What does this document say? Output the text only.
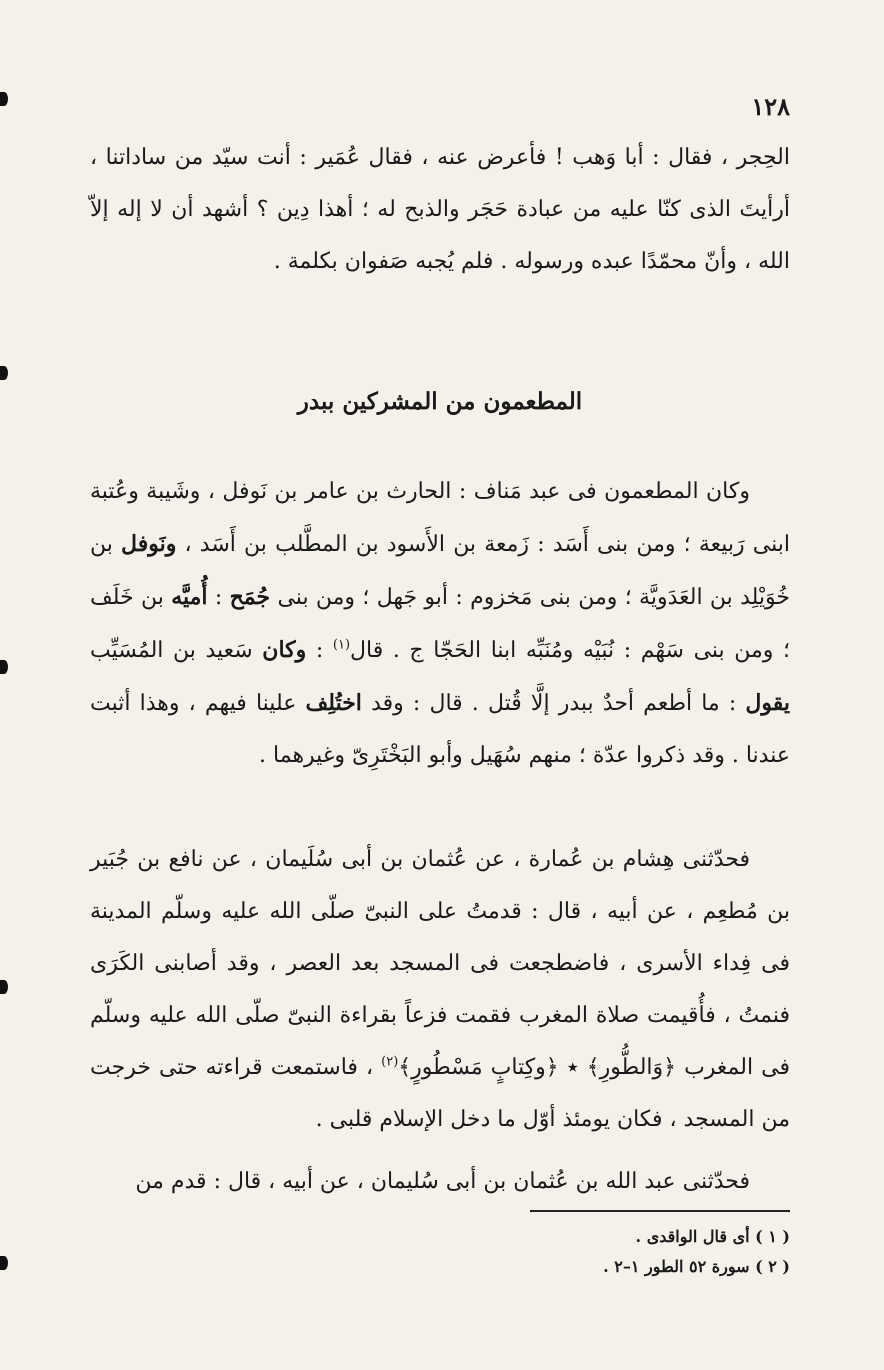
١٢٨

الحِجر ، فقال : أبا وَهب ! فأعرض عنه ، فقال عُمَير : أنت سيّد من ساداتنا ، أرأيتَ الذى كنّا عليه من عبادة حَجَر والذبح له ؛ أهذا دِين ؟ أشهد أن لا إله إلاّ الله ، وأنّ محمّدًا عبده ورسوله . فلم يُجبه صَفوان بكلمة .

المطعمون من المشركين ببدر

وكان المطعمون فى عبد مَناف : الحارث بن عامر بن نَوفل ، وشَيبة وعُتبة ابنى رَبيعة ؛ ومن بنى أَسَد : زَمعة بن الأَسود بن المطَّلب بن أَسَد ، ونَوفل بن خُوَيْلِد بن العَدَويَّة ؛ ومن بنى مَخزوم : أبو جَهل ؛ ومن بنى جُمَح : أُميَّه بن خَلَف ؛ ومن بنى سَهْم : نُبَيْه ومُنَبِّه ابنا الحَجّا ج . قال$^{(١)}$ : وكان سَعيد بن المُسَيِّب يقول : ما أطعم أحدٌ ببدر إلَّا قُتل . قال : وقد اختُلِف علينا فيهم ، وهذا أثبت عندنا . وقد ذكروا عدّة ؛ منهم سُهَيل وأبو البَخْتَرِىّ وغيرهما .

فحدّثنى هِشام بن عُمارة ، عن عُثمان بن أبى سُلَيمان ، عن نافع بن جُبَير بن مُطعِم ، عن أبيه ، قال : قدمتُ على النبىّ صلّى الله عليه وسلّم المدينة فى فِداء الأسرى ، فاضطجعت فى المسجد بعد العصر ، وقد أصابنى الكَرَى فنمتُ ، فأُقيمت صلاة المغرب فقمت فزعاً بقراءة النبىّ صلّى الله عليه وسلّم فى المغرب ﴿وَالطُّورِ﴾ ٭ ﴿وكِتابٍ مَسْطُورٍ﴾$^{(٢)}$ ، فاستمعت قراءته حتى خرجت من المسجد ، فكان يومئذ أوّل ما دخل الإسلام قلبى .

فحدّثنى عبد الله بن عُثمان بن أبى سُليمان ، عن أبيه ، قال : قدم من

( ١ ) أى قال الواقدى .
( ٢ ) سورة ٥٢ الطور ١–٢ .
